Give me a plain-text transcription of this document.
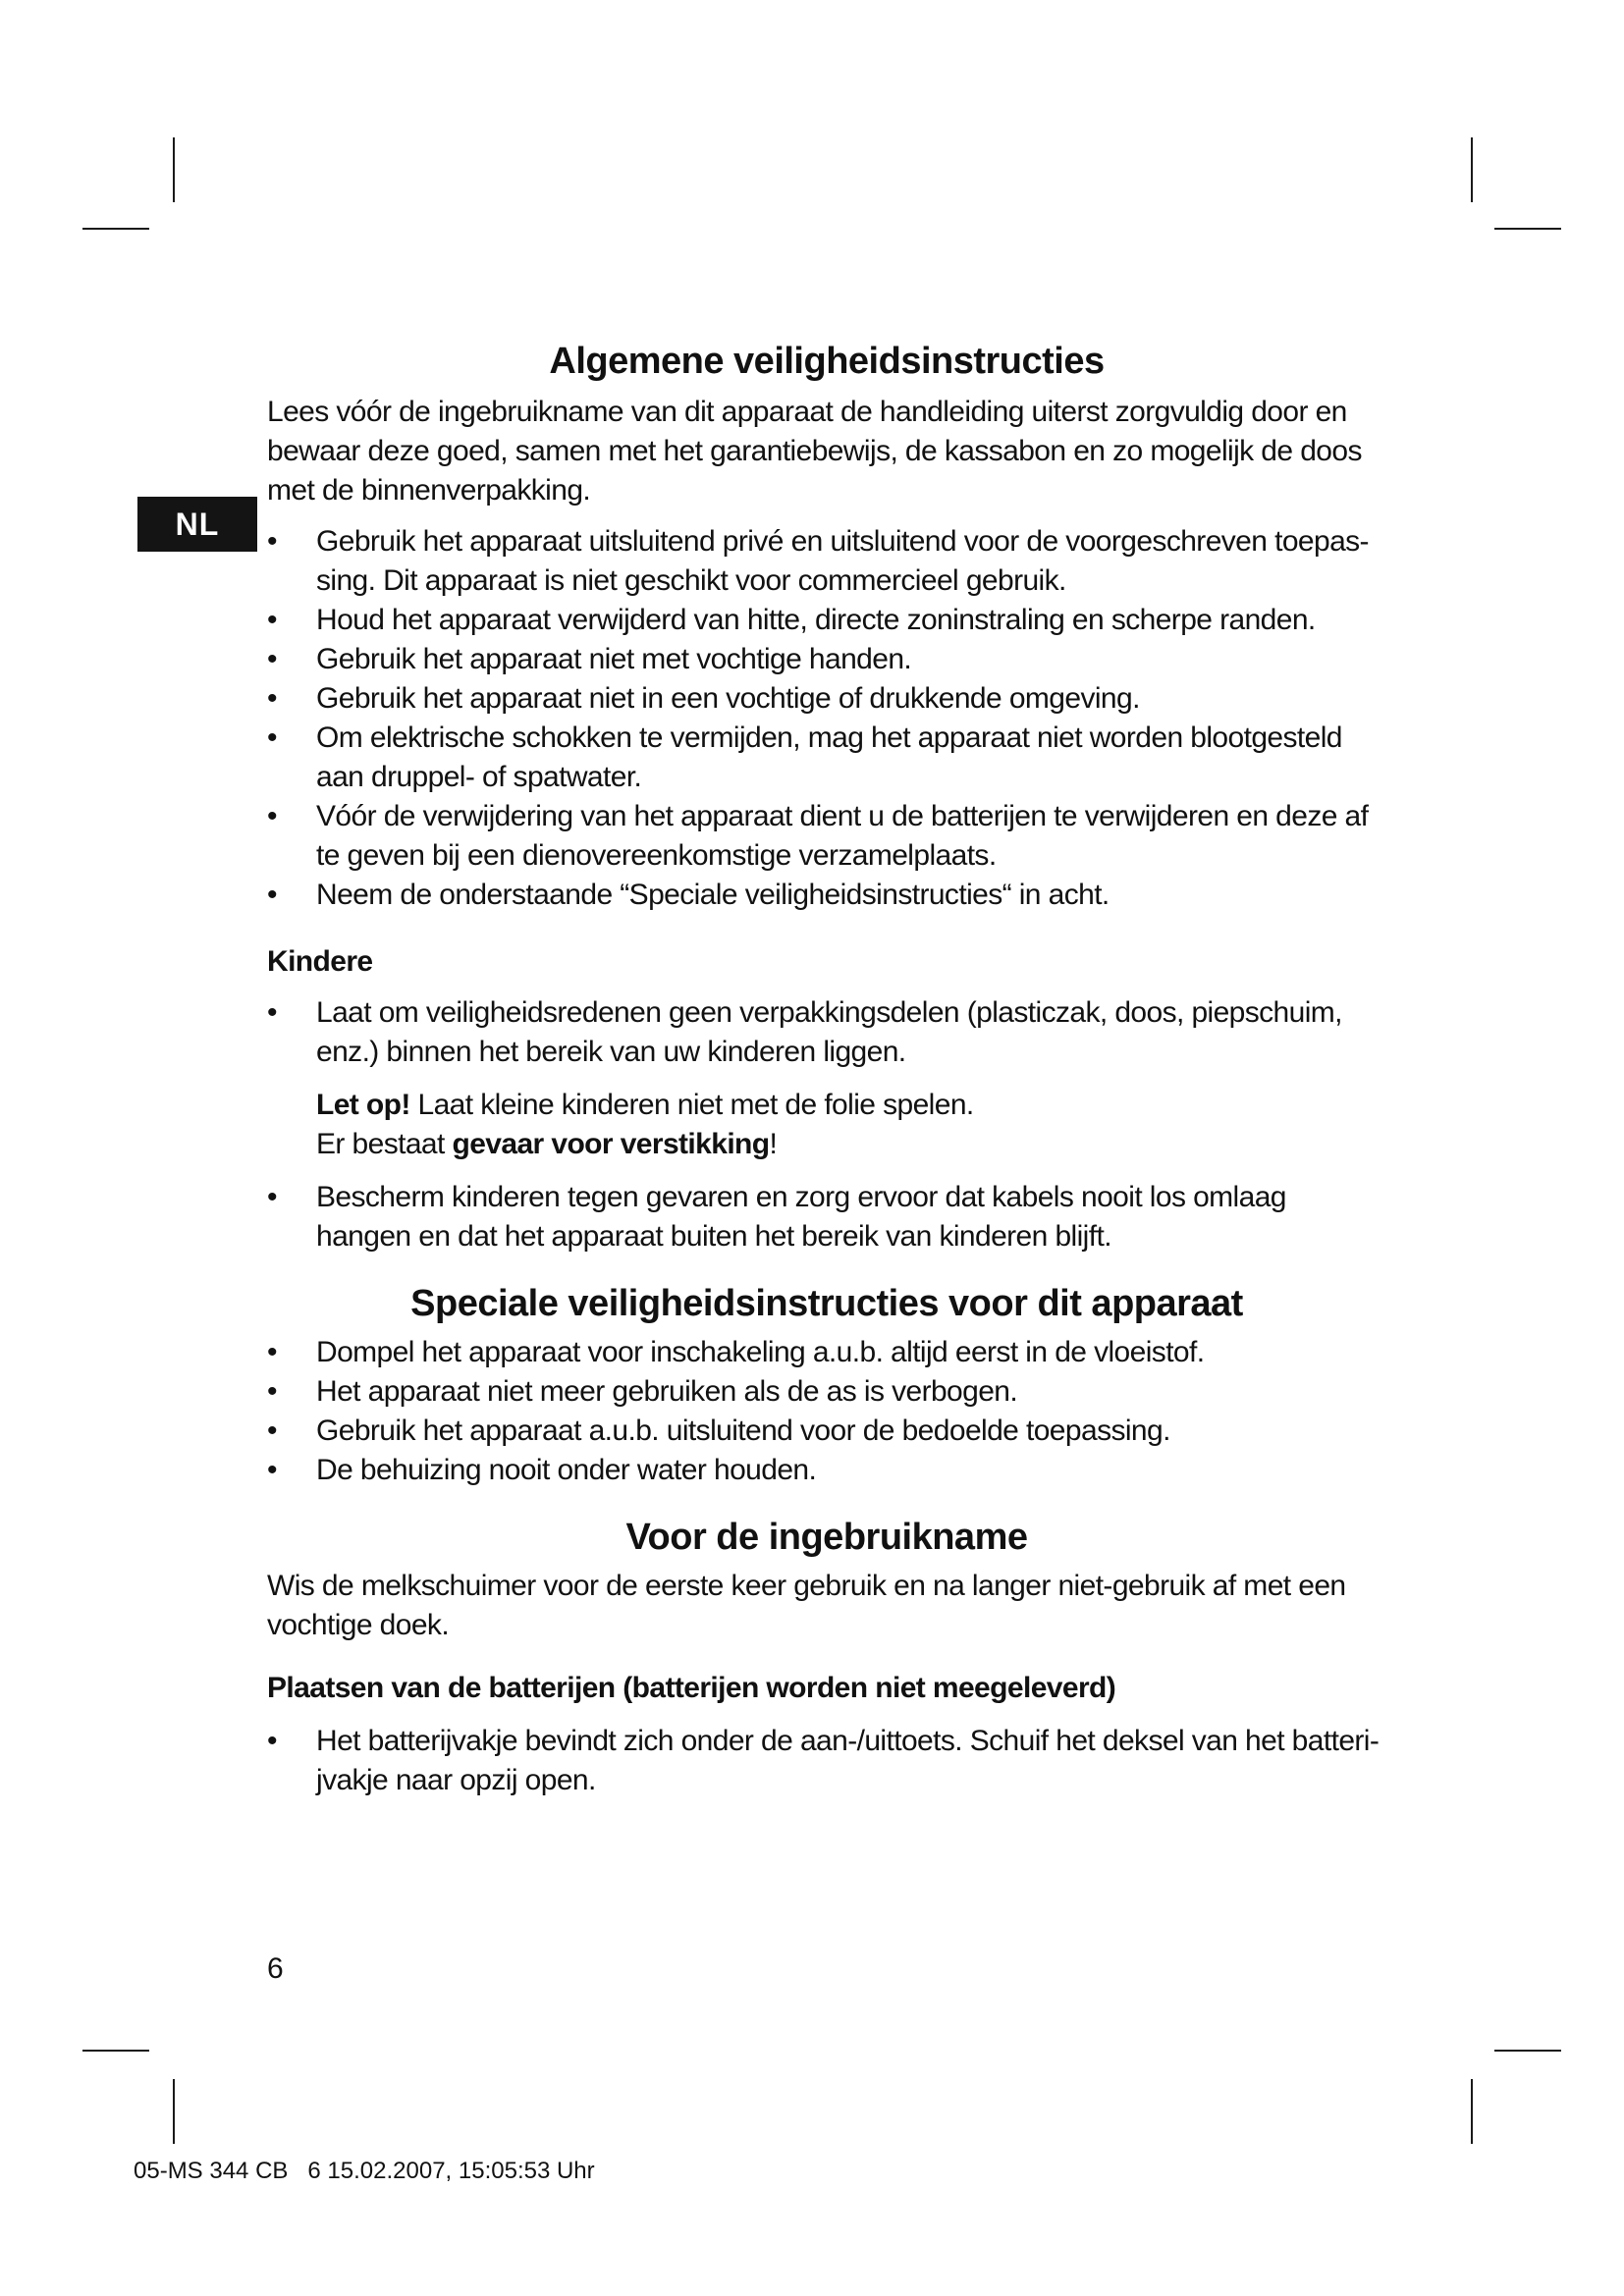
NL
Algemene veiligheidsinstructies

Lees vóór de ingebruikname van dit apparaat de handleiding uiterst zorgvuldig door en bewaar deze goed, samen met het garantiebewijs, de kassabon en zo mogelijk de doos met de binnenverpakking.

• Gebruik het apparaat uitsluitend privé en uitsluitend voor de voorgeschreven toepas-sing. Dit apparaat is niet geschikt voor commercieel gebruik.
• Houd het apparaat verwijderd van hitte, directe zoninstraling en scherpe randen.
• Gebruik het apparaat niet met vochtige handen.
• Gebruik het apparaat niet in een vochtige of drukkende omgeving.
• Om elektrische schokken te vermijden, mag het apparaat niet worden blootgesteld aan druppel- of spatwater.
• Vóór de verwijdering van het apparaat dient u de batterijen te verwijderen en deze af te geven bij een dienovereenkomstige verzamelplaats.
• Neem de onderstaande “Speciale veiligheidsinstructies“ in acht.
Kindere
• Laat om veiligheidsredenen geen verpakkingsdelen (plasticzak, doos, piepschuim, enz.) binnen het bereik van uw kinderen liggen.

Let op! Laat kleine kinderen niet met de folie spelen.

Er bestaat gevaar voor verstikking!

• Bescherm kinderen tegen gevaren en zorg ervoor dat kabels nooit los omlaag hangen en dat het apparaat buiten het bereik van kinderen blijft.
Speciale veiligheidsinstructies voor dit apparaat
• Dompel het apparaat voor inschakeling a.u.b. altijd eerst in de vloeistof.
• Het apparaat niet meer gebruiken als de as is verbogen.
• Gebruik het apparaat a.u.b. uitsluitend voor de bedoelde toepassing.
• De behuizing nooit onder water houden.
Voor de ingebruikname

Wis de melkschuimer voor de eerste keer gebruik en na langer niet-gebruik af met een vochtige doek.

Plaatsen van de batterijen (batterijen worden niet meegeleverd)
• Het batterijvakje bevindt zich onder de aan-/uittoets. Schuif het deksel van het batteri-jvakje naar opzij open.
6
05-MS 344 CB   6 15.02.2007, 15:05:53 Uhr
